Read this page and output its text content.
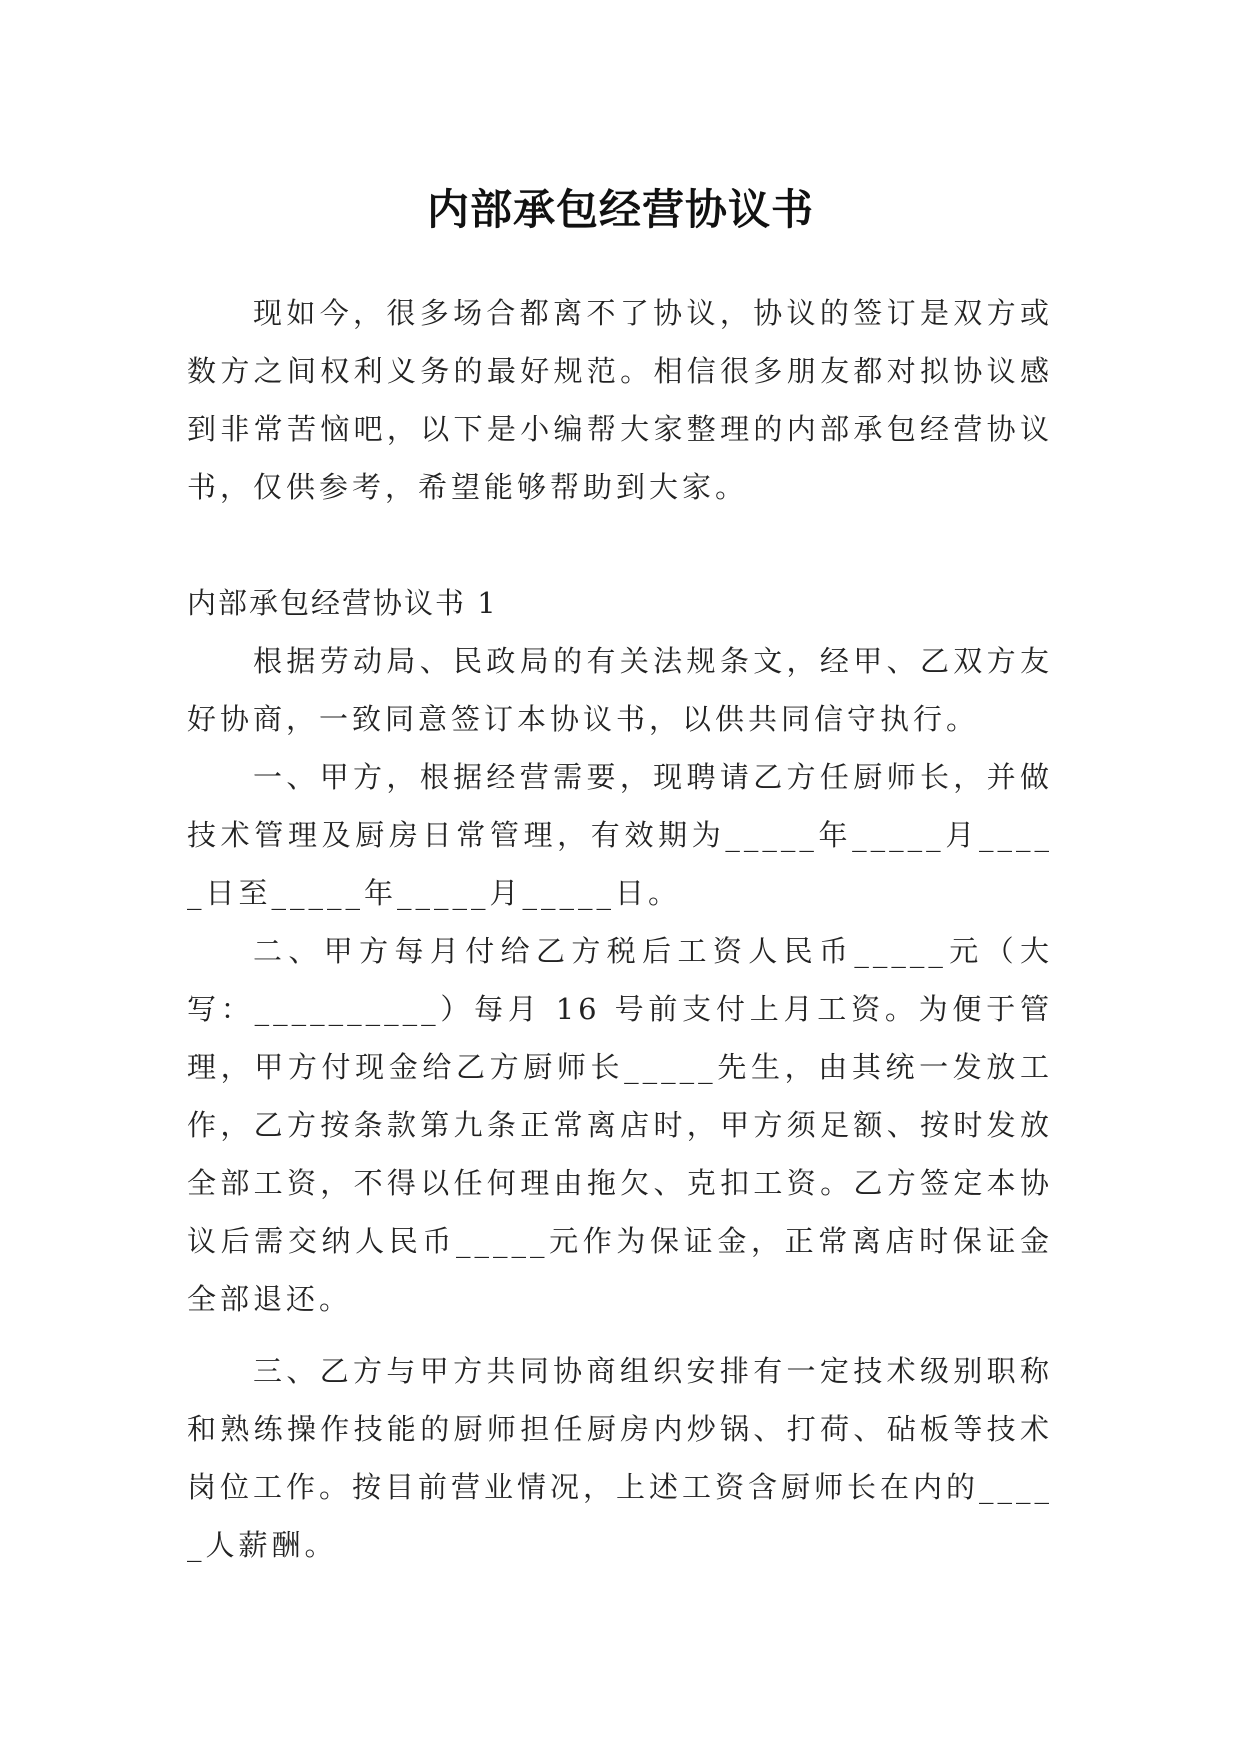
内部承包经营协议书

现如今，很多场合都离不了协议，协议的签订是双方或数方之间权利义务的最好规范。相信很多朋友都对拟协议感到非常苦恼吧，以下是小编帮大家整理的内部承包经营协议书，仅供参考，希望能够帮助到大家。

内部承包经营协议书 1

根据劳动局、民政局的有关法规条文，经甲、乙双方友好协商，一致同意签订本协议书，以供共同信守执行。

一、甲方，根据经营需要，现聘请乙方任厨师长，并做技术管理及厨房日常管理，有效期为_____年_____月_____日至_____年_____月_____日。

二、甲方每月付给乙方税后工资人民币_____元（大写：__________）每月 16 号前支付上月工资。为便于管理，甲方付现金给乙方厨师长_____先生，由其统一发放工作，乙方按条款第九条正常离店时，甲方须足额、按时发放全部工资，不得以任何理由拖欠、克扣工资。乙方签定本协议后需交纳人民币_____元作为保证金，正常离店时保证金全部退还。

三、乙方与甲方共同协商组织安排有一定技术级别职称和熟练操作技能的厨师担任厨房内炒锅、打荷、砧板等技术岗位工作。按目前营业情况，上述工资含厨师长在内的_____人薪酬。
